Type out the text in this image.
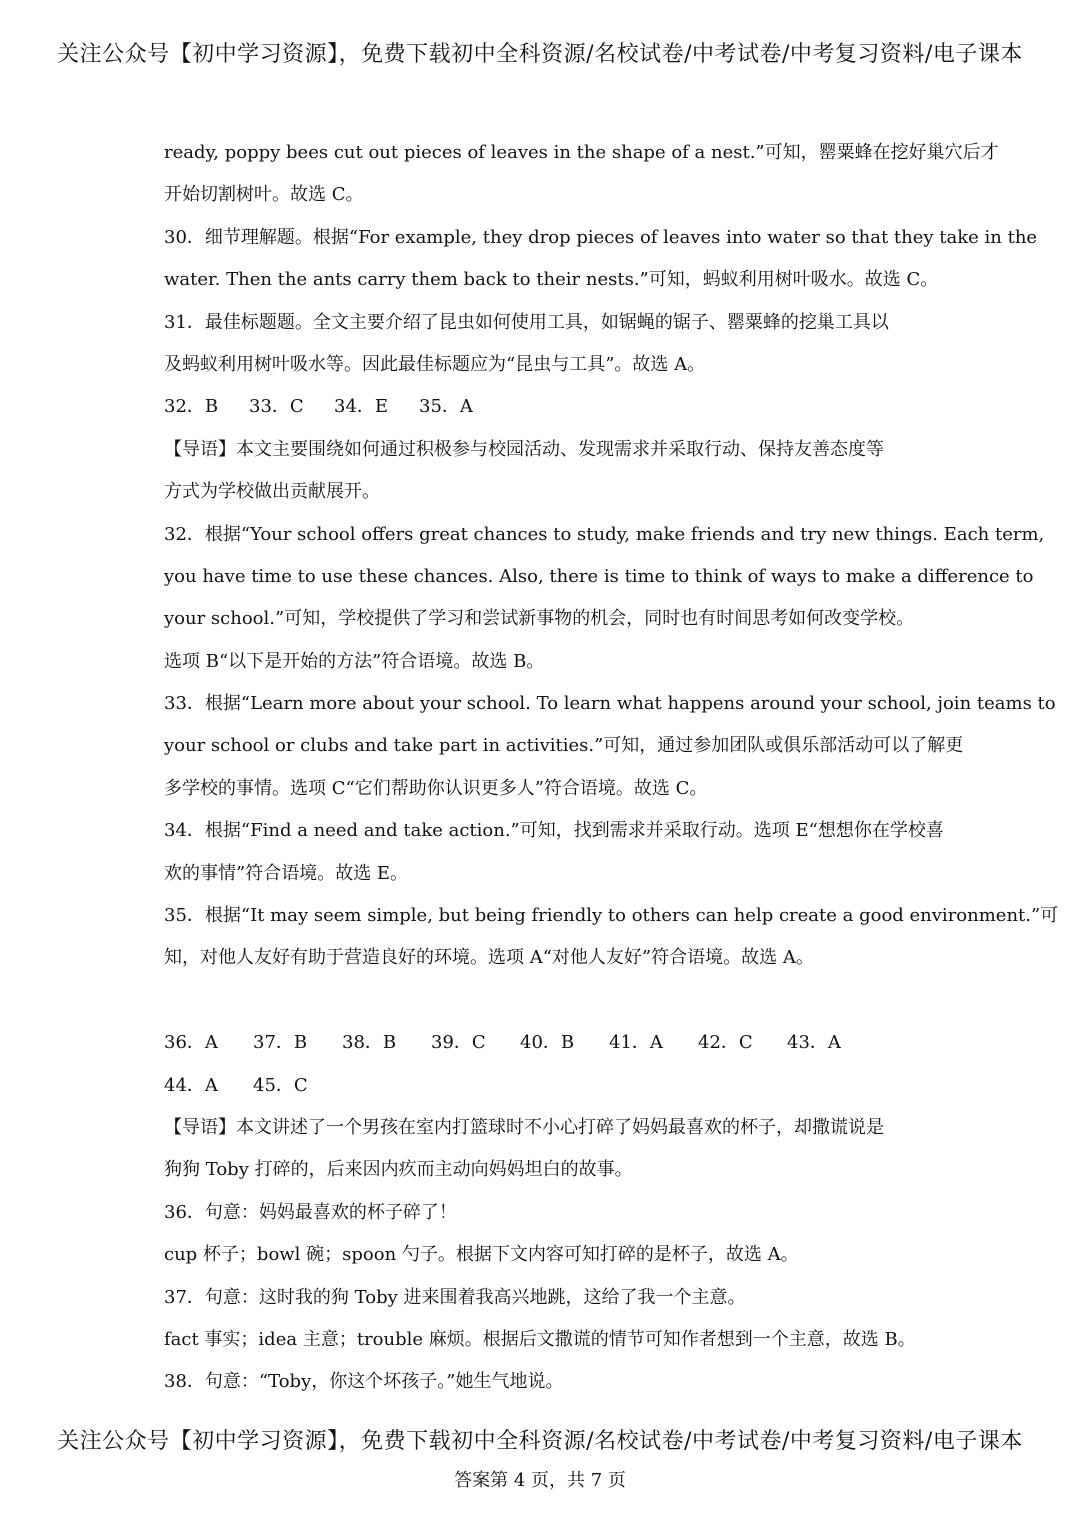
关注公众号【初中学习资源】，免费下载初中全科资源/名校试卷/中考试卷/中考复习资料/电子课本
ready, poppy bees cut out pieces of leaves in the shape of a nest.”可知，罂粟蜂在挖好巢穴后才
开始切割树叶。故选 C。
30．细节理解题。根据“For example, they drop pieces of leaves into water so that they take in the
water. Then the ants carry them back to their nests.”可知，蚂蚁利用树叶吸水。故选 C。
31．最佳标题题。全文主要介绍了昆虫如何使用工具，如锯蝇的锯子、罂粟蜂的挖巢工具以
及蚂蚁利用树叶吸水等。因此最佳标题应为“昆虫与工具”。故选 A。
32．B 33．C 34．E 35．A
【导语】本文主要围绕如何通过积极参与校园活动、发现需求并采取行动、保持友善态度等
方式为学校做出贡献展开。
32．根据“Your school offers great chances to study, make friends and try new things. Each term,
you have time to use these chances. Also, there is time to think of ways to make a difference to
your school.”可知，学校提供了学习和尝试新事物的机会，同时也有时间思考如何改变学校。
选项 B“以下是开始的方法”符合语境。故选 B。
33．根据“Learn more about your school. To learn what happens around your school, join teams to
your school or clubs and take part in activities.”可知，通过参加团队或俱乐部活动可以了解更
多学校的事情。选项 C“它们帮助你认识更多人”符合语境。故选 C。
34．根据“Find a need and take action.”可知，找到需求并采取行动。选项 E“想想你在学校喜
欢的事情”符合语境。故选 E。
35．根据“It may seem simple, but being friendly to others can help create a good environment.”可
知，对他人友好有助于营造良好的环境。选项 A“对他人友好”符合语境。故选 A。
36．A 37．B 38．B 39．C 40．B 41．A 42．C 43．A
44．A 45．C
【导语】本文讲述了一个男孩在室内打篮球时不小心打碎了妈妈最喜欢的杯子，却撒谎说是
狗狗 Toby 打碎的，后来因内疚而主动向妈妈坦白的故事。
36．句意：妈妈最喜欢的杯子碎了！
cup 杯子；bowl 碗；spoon 勺子。根据下文内容可知打碎的是杯子，故选 A。
37．句意：这时我的狗 Toby 进来围着我高兴地跳，这给了我一个主意。
fact 事实；idea 主意；trouble 麻烦。根据后文撒谎的情节可知作者想到一个主意，故选 B。
38．句意：“Toby，你这个坏孩子。”她生气地说。
关注公众号【初中学习资源】，免费下载初中全科资源/名校试卷/中考试卷/中考复习资料/电子课本
答案第 4 页，共 7 页
